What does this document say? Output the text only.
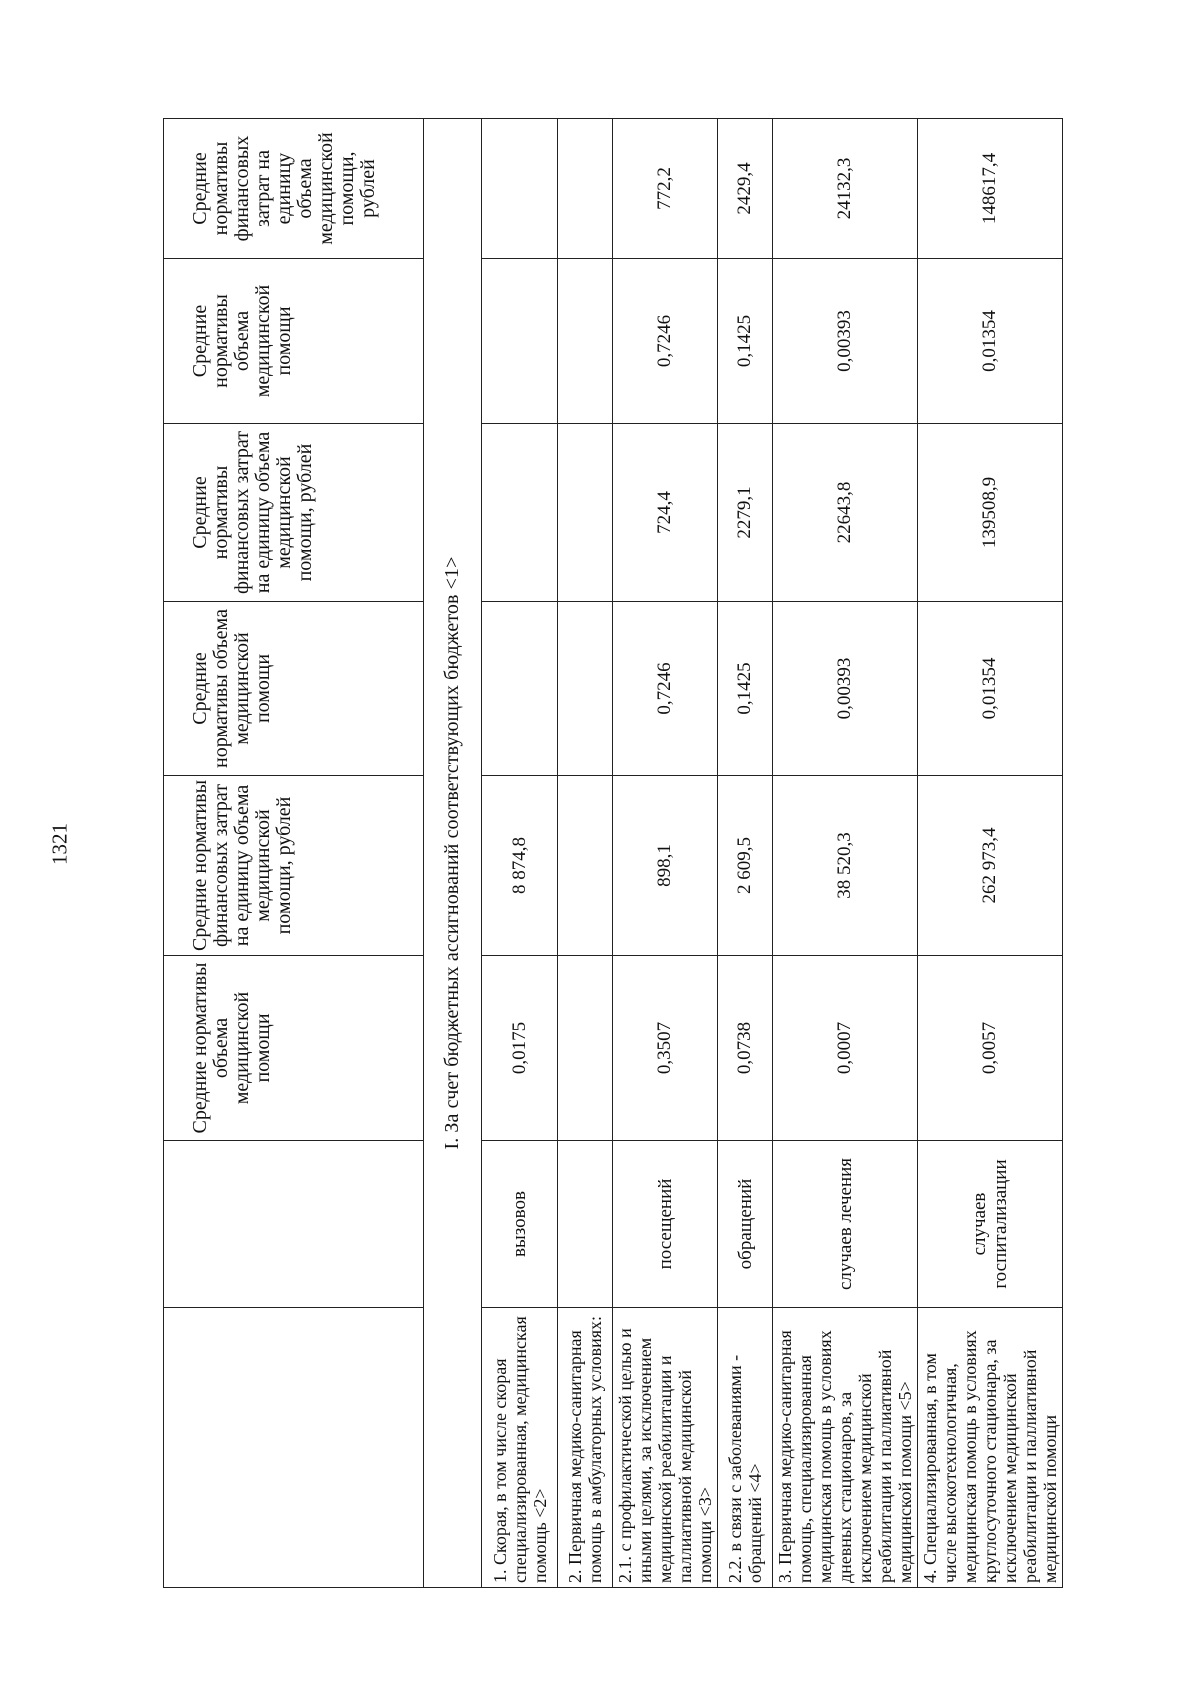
1321
		Средние нормативы объема медицинской помощи	Средние нормативы финансовых затрат на единицу объема медицинской помощи, рублей	Средние нормативы объема медицинской помощи	Средние нормативы финансовых затрат на единицу объема медицинской помощи, рублей	Средние нормативы объема медицинской помощи	Средние нормативы финансовых затрат на единицу объема медицинской помощи, рублей
I. За счет бюджетных ассигнований соответствующих бюджетов <1>							
1. Скорая, в том числе скорая специализированная, медицинская помощь <2>	вызовов	0,0175	8 874,8				
2. Первичная медико-санитарная помощь в амбулаторных условиях:							
2.1. с профилактической целью и иными целями, за исключением медицинской реабилитации и паллиативной медицинской помощи <3>	посещений	0,3507	898,1	0,7246	724,4	0,7246	772,2
2.2. в связи с заболеваниями - обращений <4>	обращений	0,0738	2 609,5	0,1425	2279,1	0,1425	2429,4
3. Первичная медико-санитарная помощь, специализированная медицинская помощь в условиях дневных стационаров, за исключением медицинской реабилитации и паллиативной медицинской помощи <5>	случаев лечения	0,0007	38 520,3	0,00393	22643,8	0,00393	24132,3
4. Специализированная, в том числе высокотехнологичная, медицинская помощь в условиях круглосуточного стационара, за исключением медицинской реабилитации и паллиативной медицинской помощи	случаев госпитализации	0,0057	262 973,4	0,01354	139508,9	0,01354	148617,4
